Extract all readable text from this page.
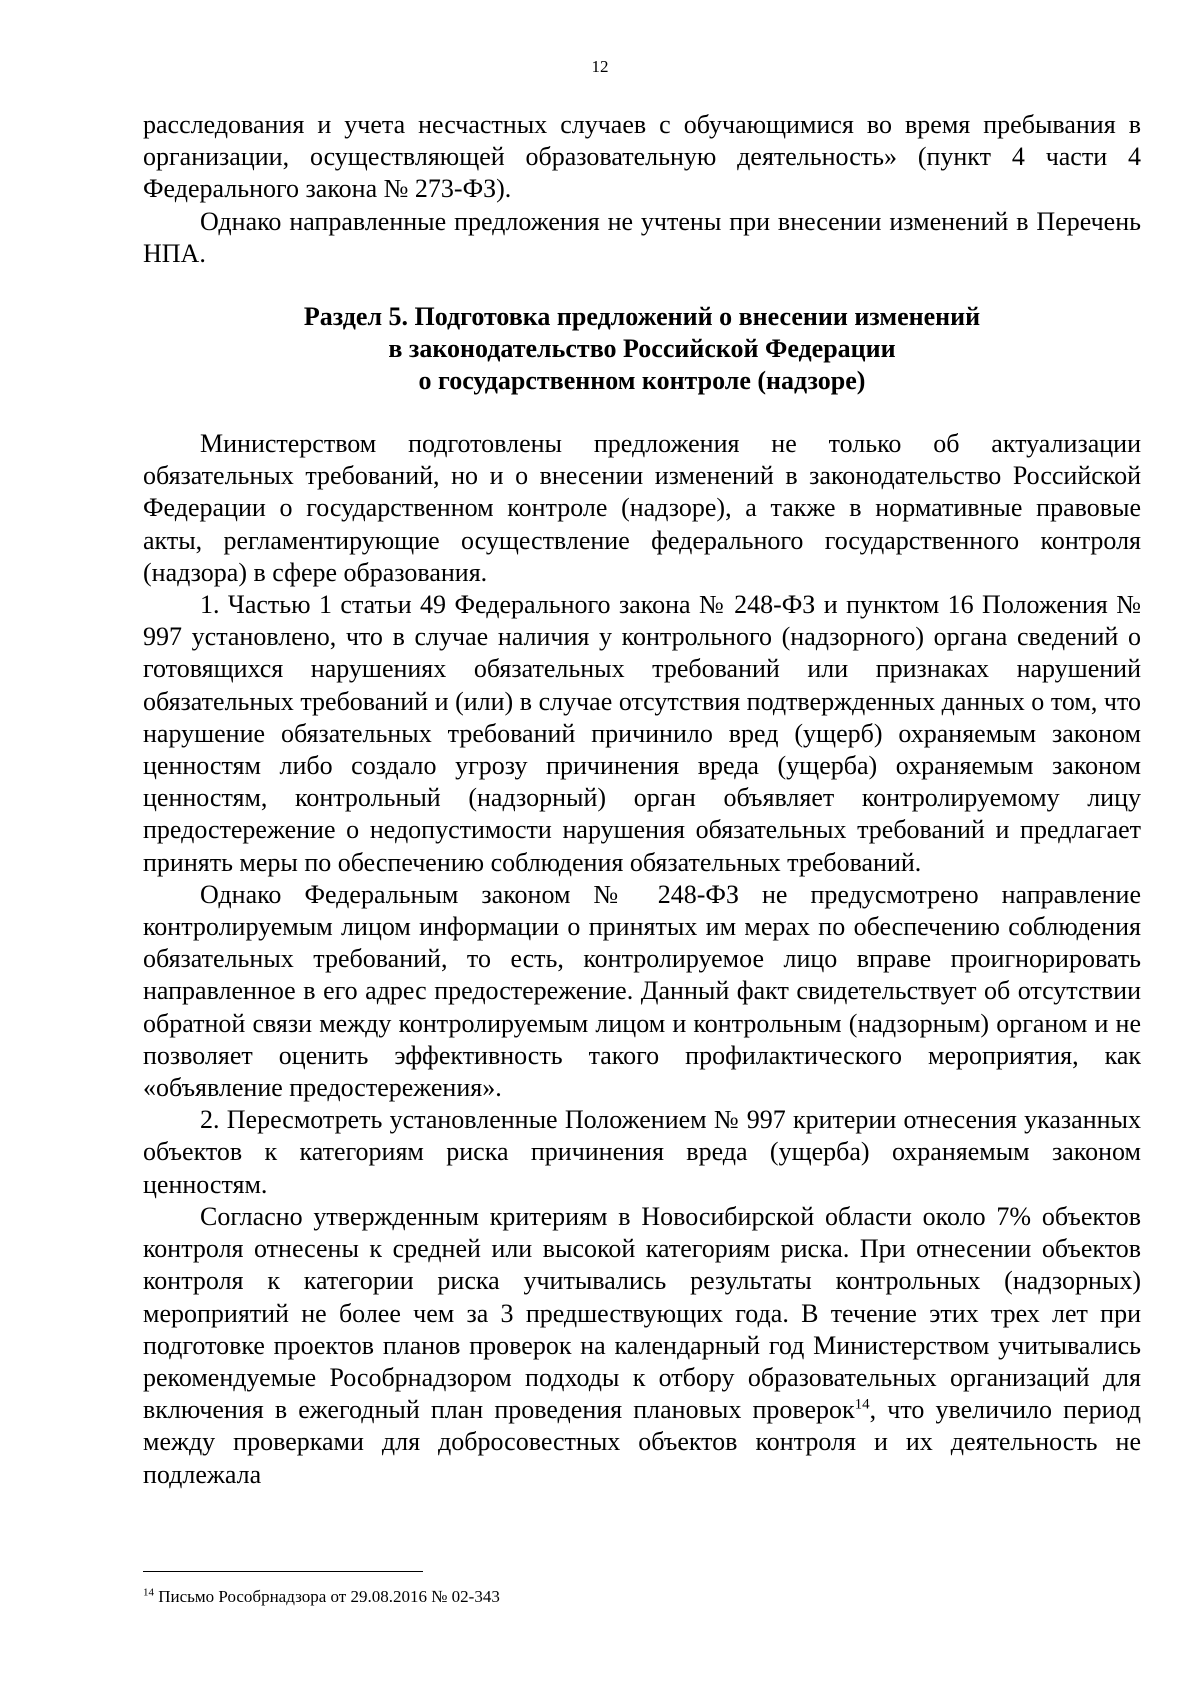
12

расследования и учета несчастных случаев с обучающимися во время пребывания в организации, осуществляющей образовательную деятельность» (пункт 4 части 4 Федерального закона № 273-ФЗ).

Однако направленные предложения не учтены при внесении изменений в Перечень НПА.

Раздел 5. Подготовка предложений о внесении изменений
в законодательство Российской Федерации
о государственном контроле (надзоре)

Министерством подготовлены предложения не только об актуализации обязательных требований, но и о внесении изменений в законодательство Российской Федерации о государственном контроле (надзоре), а также в нормативные правовые акты, регламентирующие осуществление федерального государственного контроля (надзора) в сфере образования.

1. Частью 1 статьи 49 Федерального закона № 248-ФЗ и пунктом 16 Положения № 997 установлено, что в случае наличия у контрольного (надзорного) органа сведений о готовящихся нарушениях обязательных требований или признаках нарушений обязательных требований и (или) в случае отсутствия подтвержденных данных о том, что нарушение обязательных требований причинило вред (ущерб) охраняемым законом ценностям либо создало угрозу причинения вреда (ущерба) охраняемым законом ценностям, контрольный (надзорный) орган объявляет контролируемому лицу предостережение о недопустимости нарушения обязательных требований и предлагает принять меры по обеспечению соблюдения обязательных требований.

Однако Федеральным законом № 248-ФЗ не предусмотрено направление контролируемым лицом информации о принятых им мерах по обеспечению соблюдения обязательных требований, то есть, контролируемое лицо вправе проигнорировать направленное в его адрес предостережение. Данный факт свидетельствует об отсутствии обратной связи между контролируемым лицом и контрольным (надзорным) органом и не позволяет оценить эффективность такого профилактического мероприятия, как «объявление предостережения».

2. Пересмотреть установленные Положением № 997 критерии отнесения указанных объектов к категориям риска причинения вреда (ущерба) охраняемым законом ценностям.

Согласно утвержденным критериям в Новосибирской области около 7% объектов контроля отнесены к средней или высокой категориям риска. При отнесении объектов контроля к категории риска учитывались результаты контрольных (надзорных) мероприятий не более чем за 3 предшествующих года. В течение этих трех лет при подготовке проектов планов проверок на календарный год Министерством учитывались рекомендуемые Рособрнадзором подходы к отбору образовательных организаций для включения в ежегодный план проведения плановых проверок$^{14}$, что увеличило период между проверками для добросовестных объектов контроля и их деятельность не подлежала

$^{14}$ Письмо Рособрнадзора от 29.08.2016 № 02-343
